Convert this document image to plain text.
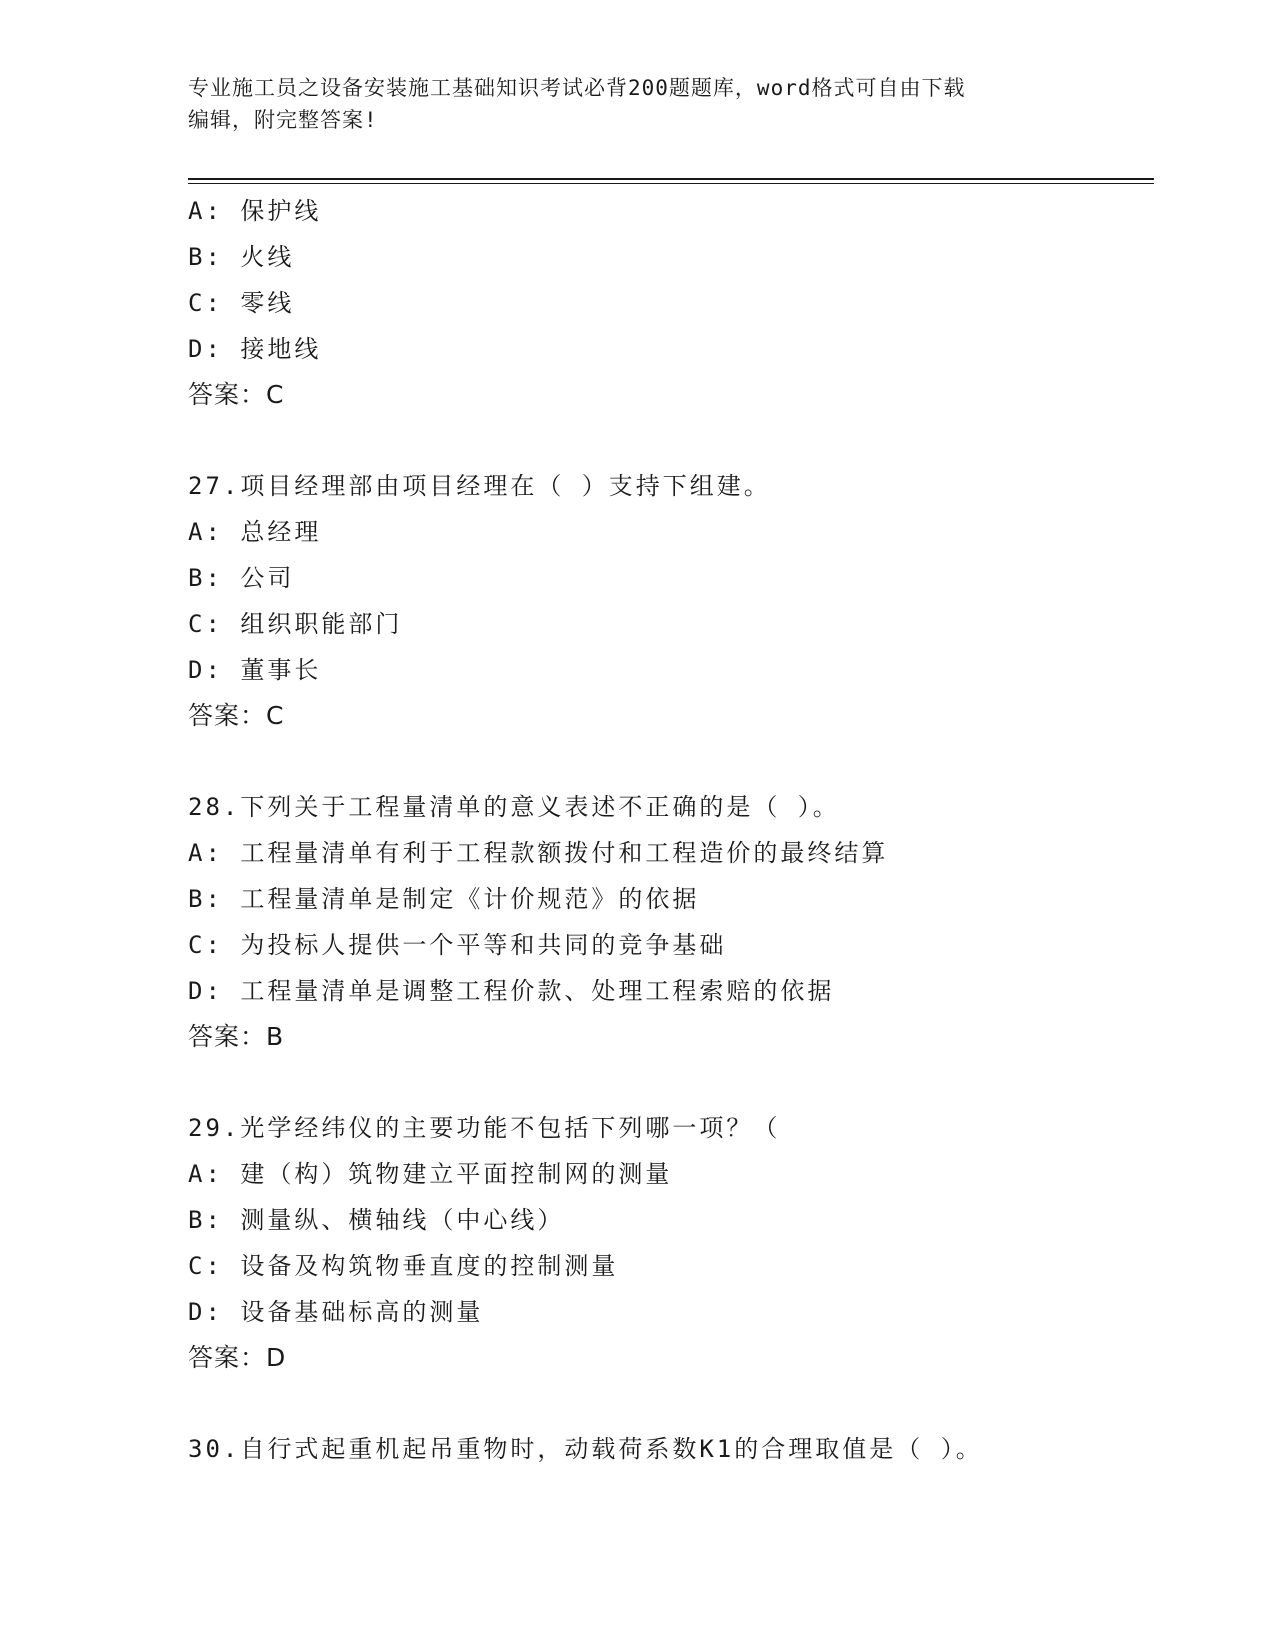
专业施工员之设备安装施工基础知识考试必背200题题库，word格式可自由下载
编辑，附完整答案!
A: 保护线
B: 火线
C: 零线
D: 接地线
答案：C
27.项目经理部由项目经理在（ ）支持下组建。
A: 总经理
B: 公司
C: 组织职能部门
D: 董事长
答案：C
28.下列关于工程量清单的意义表述不正确的是（ ）。
A: 工程量清单有利于工程款额拨付和工程造价的最终结算
B: 工程量清单是制定《计价规范》的依据
C: 为投标人提供一个平等和共同的竞争基础
D: 工程量清单是调整工程价款、处理工程索赔的依据
答案：B
29.光学经纬仪的主要功能不包括下列哪一项？（
A: 建（构）筑物建立平面控制网的测量
B: 测量纵、横轴线（中心线）
C: 设备及构筑物垂直度的控制测量
D: 设备基础标高的测量
答案：D
30.自行式起重机起吊重物时，动载荷系数K1的合理取值是（ ）。
